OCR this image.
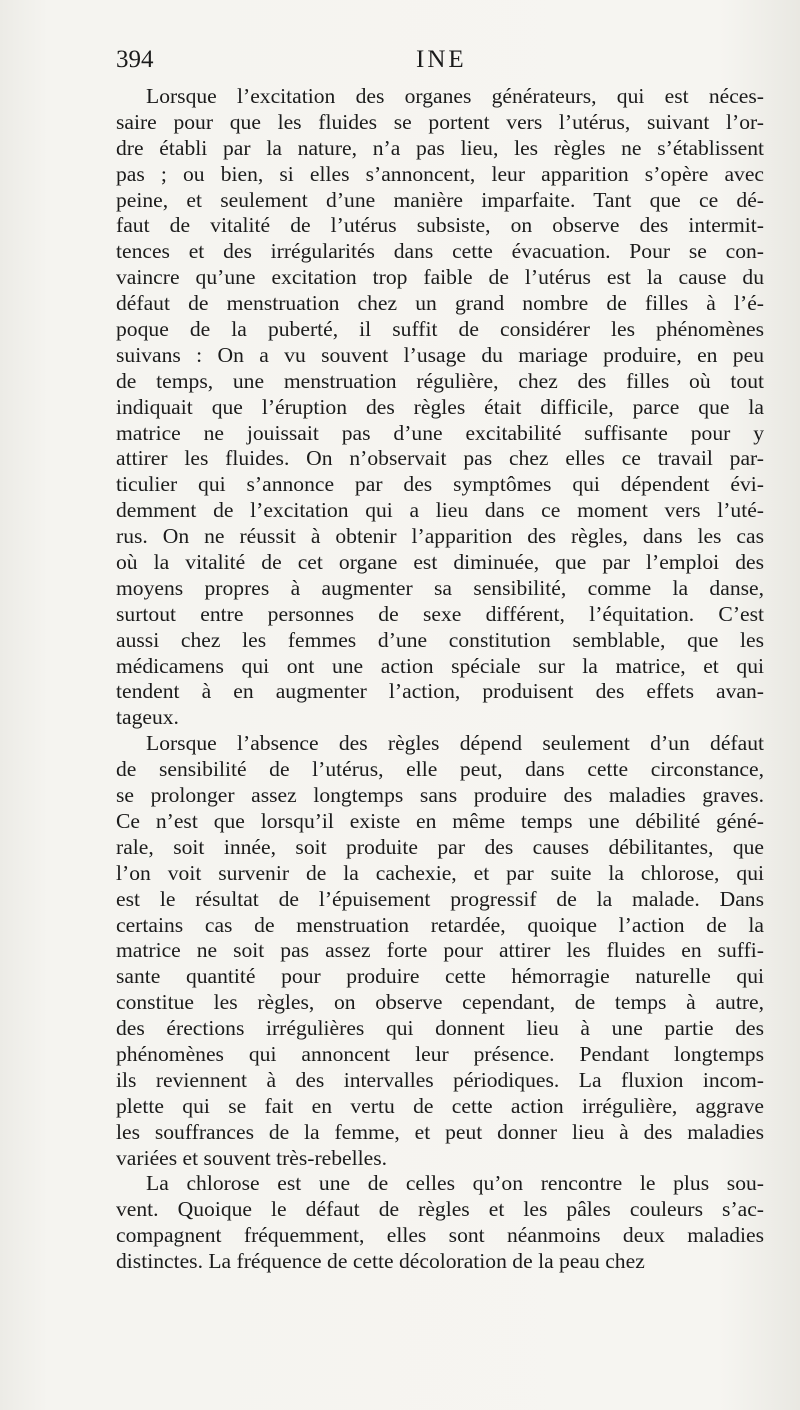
394	INE
Lorsque l’excitation des organes générateurs, qui est néces-
saire pour que les fluides se portent vers l’utérus, suivant l’or-
dre établi par la nature, n’a pas lieu, les règles ne s’établissent
pas ; ou bien, si elles s’annoncent, leur apparition s’opère avec
peine, et seulement d’une manière imparfaite. Tant que ce dé-
faut de vitalité de l’utérus subsiste, on observe des intermit-
tences et des irrégularités dans cette évacuation. Pour se con-
vaincre qu’une excitation trop faible de l’utérus est la cause du
défaut de menstruation chez un grand nombre de filles à l’é-
poque de la puberté, il suffit de considérer les phénomènes
suivans : On a vu souvent l’usage du mariage produire, en peu
de temps, une menstruation régulière, chez des filles où tout
indiquait que l’éruption des règles était difficile, parce que la
matrice ne jouissait pas d’une excitabilité suffisante pour y
attirer les fluides. On n’observait pas chez elles ce travail par-
ticulier qui s’annonce par des symptômes qui dépendent évi-
demment de l’excitation qui a lieu dans ce moment vers l’uté-
rus. On ne réussit à obtenir l’apparition des règles, dans les cas
où la vitalité de cet organe est diminuée, que par l’emploi des
moyens propres à augmenter sa sensibilité, comme la danse,
surtout entre personnes de sexe différent, l’équitation. C’est
aussi chez les femmes d’une constitution semblable, que les
médicamens qui ont une action spéciale sur la matrice, et qui
tendent à en augmenter l’action, produisent des effets avan-
tageux.
Lorsque l’absence des règles dépend seulement d’un défaut
de sensibilité de l’utérus, elle peut, dans cette circonstance,
se prolonger assez longtemps sans produire des maladies graves.
Ce n’est que lorsqu’il existe en même temps une débilité géné-
rale, soit innée, soit produite par des causes débilitantes, que
l’on voit survenir de la cachexie, et par suite la chlorose, qui
est le résultat de l’épuisement progressif de la malade. Dans
certains cas de menstruation retardée, quoique l’action de la
matrice ne soit pas assez forte pour attirer les fluides en suffi-
sante quantité pour produire cette hémorragie naturelle qui
constitue les règles, on observe cependant, de temps à autre,
des érections irrégulières qui donnent lieu à une partie des
phénomènes qui annoncent leur présence. Pendant longtemps
ils reviennent à des intervalles périodiques. La fluxion incom-
plette qui se fait en vertu de cette action irrégulière, aggrave
les souffrances de la femme, et peut donner lieu à des maladies
variées et souvent très-rebelles.
La chlorose est une de celles qu’on rencontre le plus sou-
vent. Quoique le défaut de règles et les pâles couleurs s’ac-
compagnent fréquemment, elles sont néanmoins deux maladies
distinctes. La fréquence de cette décoloration de la peau chez
